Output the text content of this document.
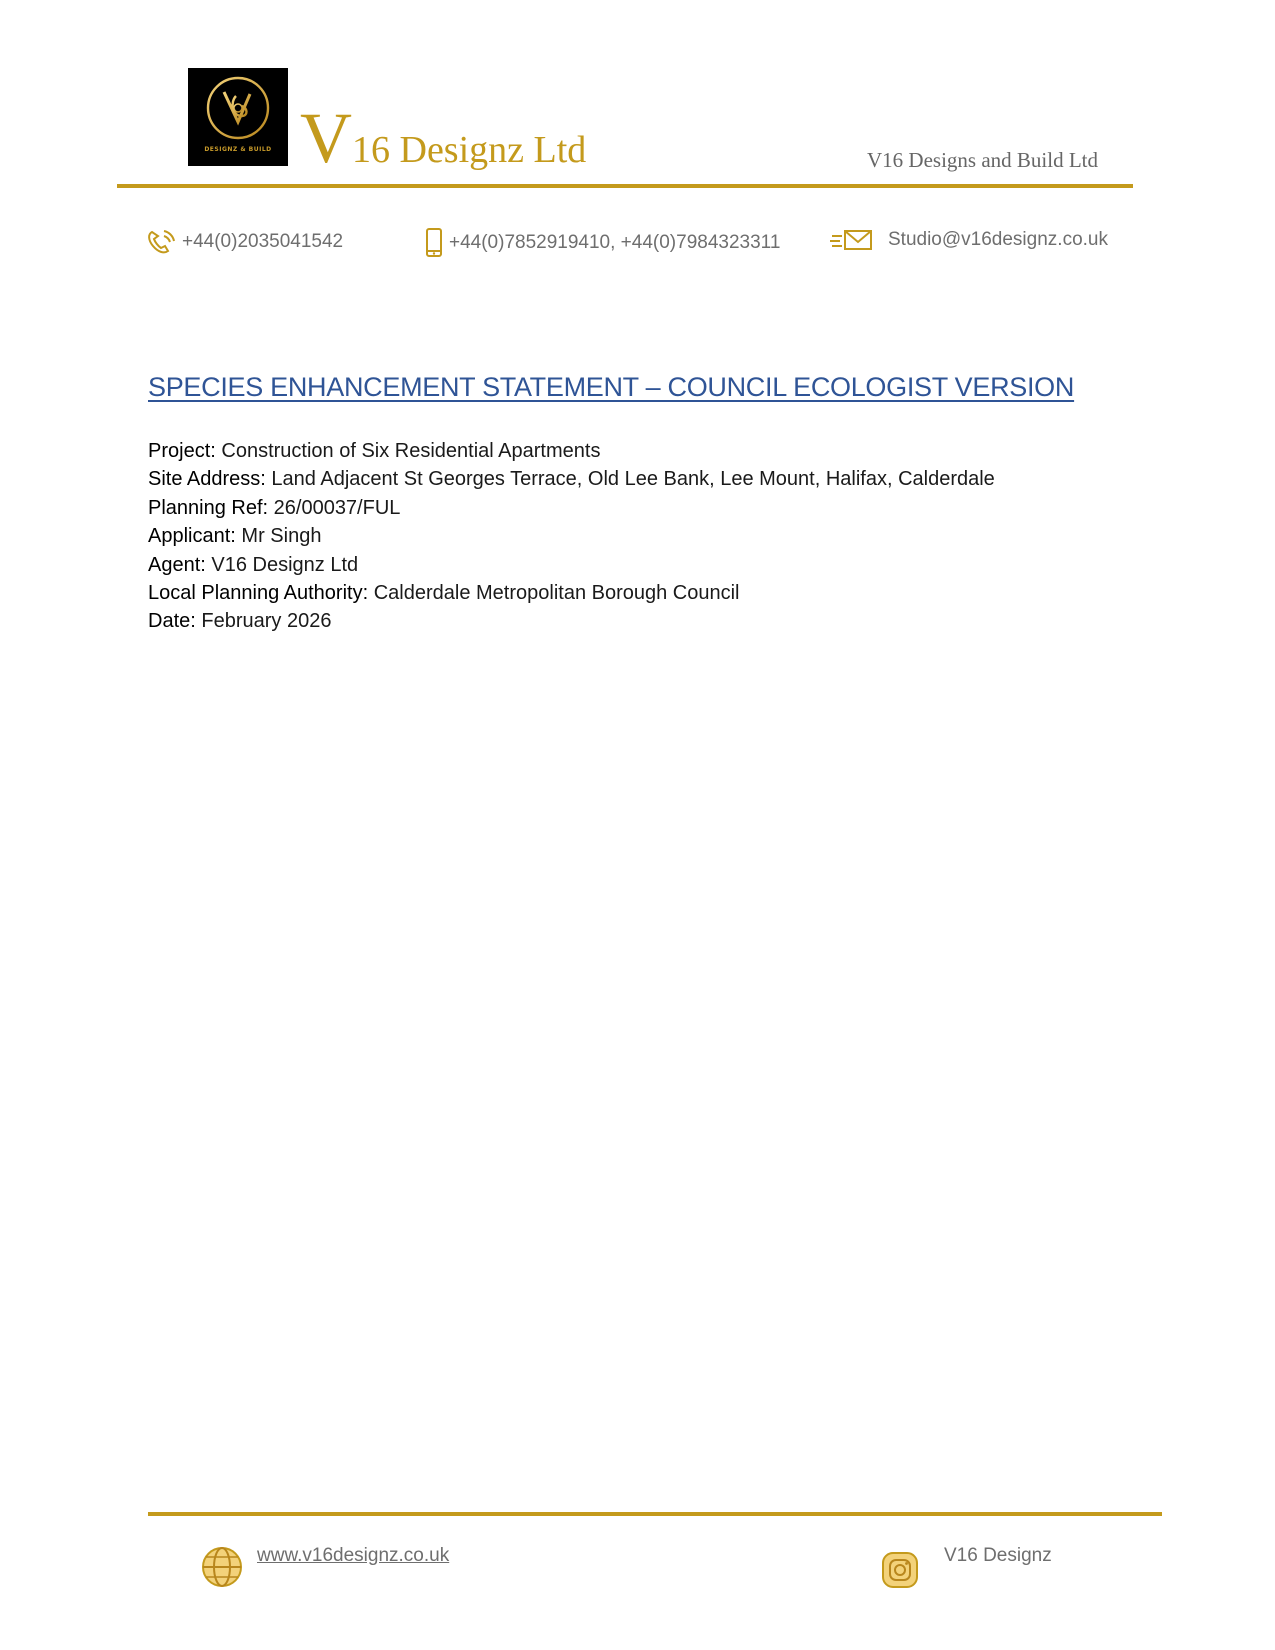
DESIGNZ & BUILD V16 Designz Ltd	V16 Designs and Build Ltd
+44(0)2035041542	+44(0)7852919410, +44(0)7984323311	Studio@v16designz.co.uk
SPECIES ENHANCEMENT STATEMENT – COUNCIL ECOLOGIST VERSION
Project: Construction of Six Residential Apartments
Site Address: Land Adjacent St Georges Terrace, Old Lee Bank, Lee Mount, Halifax, Calderdale
Planning Ref: 26/00037/FUL
Applicant: Mr Singh
Agent: V16 Designz Ltd
Local Planning Authority: Calderdale Metropolitan Borough Council
Date: February 2026
www.v16designz.co.uk	V16 Designz
